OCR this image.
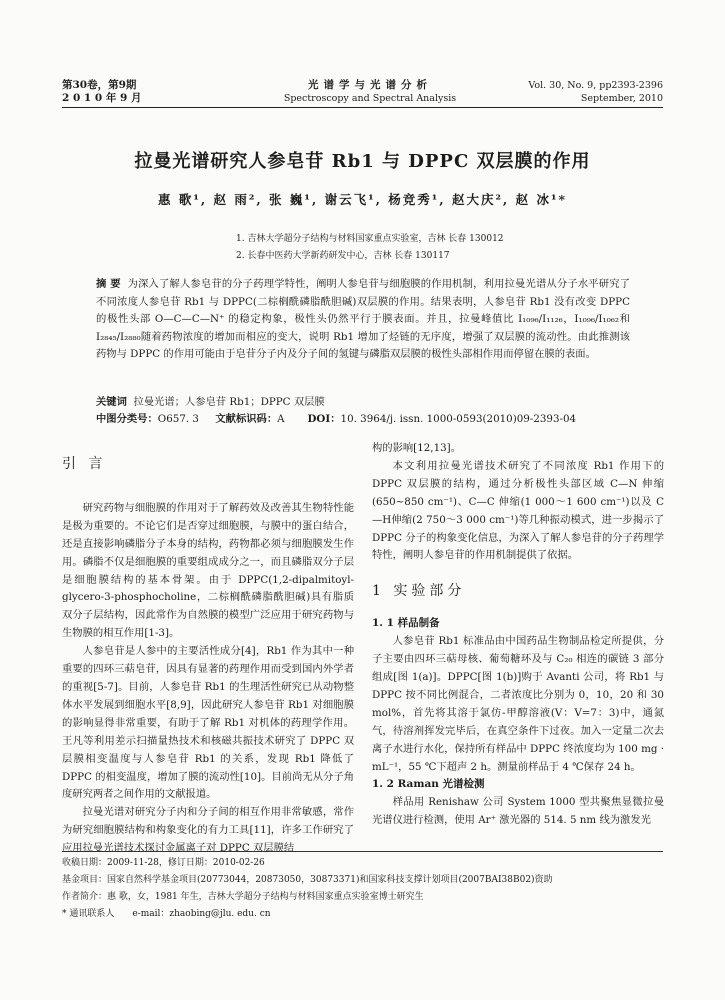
第30卷，第9期
2 0 1 0 年 9 月
光谱学与光谱分析
Spectroscopy and Spectral Analysis
Vol. 30, No. 9, pp2393-2396
September, 2010
拉曼光谱研究人参皂苷 Rb1 与 DPPC 双层膜的作用
惠 歌¹, 赵 雨², 张 巍¹, 谢云飞¹, 杨竞秀¹, 赵大庆², 赵 冰¹*
1. 吉林大学超分子结构与材料国家重点实验室，吉林 长春 130012
2. 长春中医药大学新药研发中心，吉林 长春 130117
摘 要 为深入了解人参皂苷的分子药理学特性，阐明人参皂苷与细胞膜的作用机制，利用拉曼光谱从分子水平研究了不同浓度人参皂苷 Rb1 与 DPPC(二棕榈酰磷脂酰胆碱)双层膜的作用。结果表明，人参皂苷 Rb1 没有改变 DPPC 的极性头部 O—C—C—N⁺ 的稳定构象，极性头仍然平行于膜表面。并且，拉曼峰值比 I₁₀₉₆/I₁₁₂₆，I₁₀₉₆/I₁₀₆₂和 I₂₈₄₅/I₂₈₈₀随着药物浓度的增加而相应的变大，说明 Rb1 增加了烃链的无序度，增强了双层膜的流动性。由此推测该药物与 DPPC 的作用可能由于皂苷分子内及分子间的氢键与磷脂双层膜的极性头部相作用而停留在膜的表面。
关键词 拉曼光谱；人参皂苷 Rb1；DPPC 双层膜
中图分类号：O657. 3 文献标识码：A DOI：10. 3964/j. issn. 1000-0593(2010)09-2393-04
引 言

研究药物与细胞膜的作用对于了解药效及改善其生物特性能是极为重要的。不论它们是否穿过细胞膜，与膜中的蛋白结合，还是直接影响磷脂分子本身的结构，药物都必须与细胞膜发生作用。磷脂不仅是细胞膜的重要组成成分之一，而且磷脂双分子层是细胞膜结构的基本骨架。由于 DPPC(1,2-dipalmitoyl-glycero-3-phosphocholine，二棕榈酰磷脂酰胆碱)具有脂质双分子层结构，因此常作为自然膜的模型广泛应用于研究药物与生物膜的相互作用[1-3]。

人参皂苷是人参中的主要活性成分[4]，Rb1 作为其中一种重要的四环三萜皂苷，因具有显著的药理作用而受到国内外学者的重视[5-7]。目前，人参皂苷 Rb1 的生理活性研究已从动物整体水平发展到细胞水平[8,9]，因此研究人参皂苷 Rb1 对细胞膜的影响显得非常重要，有助于了解 Rb1 对机体的药理学作用。王凡等利用差示扫描量热技术和核磁共振技术研究了 DPPC 双层膜相变温度与人参皂苷 Rb1 的关系，发现 Rb1 降低了 DPPC 的相变温度，增加了膜的流动性[10]。目前尚无从分子角度研究两者之间作用的文献报道。

拉曼光谱对研究分子内和分子间的相互作用非常敏感，常作为研究细胞膜结构和构象变化的有力工具[11]，许多工作研究了应用拉曼光谱技术探讨金属离子对 DPPC 双层膜结

构的影响[12,13]。

本文利用拉曼光谱技术研究了不同浓度 Rb1 作用下的 DPPC 双层膜的结构，通过分析极性头部区域 C—N 伸缩(650~850 cm⁻¹)、C—C 伸缩(1 000～1 600 cm⁻¹)以及 C—H伸缩(2 750～3 000 cm⁻¹)等几种振动模式，进一步揭示了 DPPC 分子的构象变化信息，为深入了解人参皂苷的分子药理学特性，阐明人参皂苷的作用机制提供了依据。

1 实验部分
1. 1 样品制备

人参皂苷 Rb1 标准品由中国药品生物制品检定所提供，分子主要由四环三萜母核、葡萄糖环及与 C₂₀ 相连的碳链 3 部分组成[图 1(a)]。DPPC[图 1(b)]购于 Avanti 公司，将 Rb1 与 DPPC 按不同比例混合，二者浓度比分别为 0，10，20 和 30 mol%，首先将其溶于氯仿-甲醇溶液(V：V=7：3)中，通氮气，待溶剂挥发完毕后，在真空条件下过夜。加入一定量二次去离子水进行水化，保持所有样品中 DPPC 终浓度均为 100 mg · mL⁻¹，55 ℃下超声 2 h。测量前样品于 4 ℃保存 24 h。

1. 2 Raman 光谱检测

样品用 Renishaw 公司 System 1000 型共聚焦显微拉曼光谱仪进行检测，使用 Ar⁺ 激光器的 514. 5 nm 线为激发光

收稿日期：2009-11-28，修订日期：2010-02-26
基金项目：国家自然科学基金项目(20773044，20873050，30873371)和国家科技支撑计划项目(2007BAI38B02)资助
作者简介：惠 歌，女，1981 年生，吉林大学超分子结构与材料国家重点实验室博士研究生
* 通讯联系人　　e-mail：zhaobing@jlu. edu. cn
